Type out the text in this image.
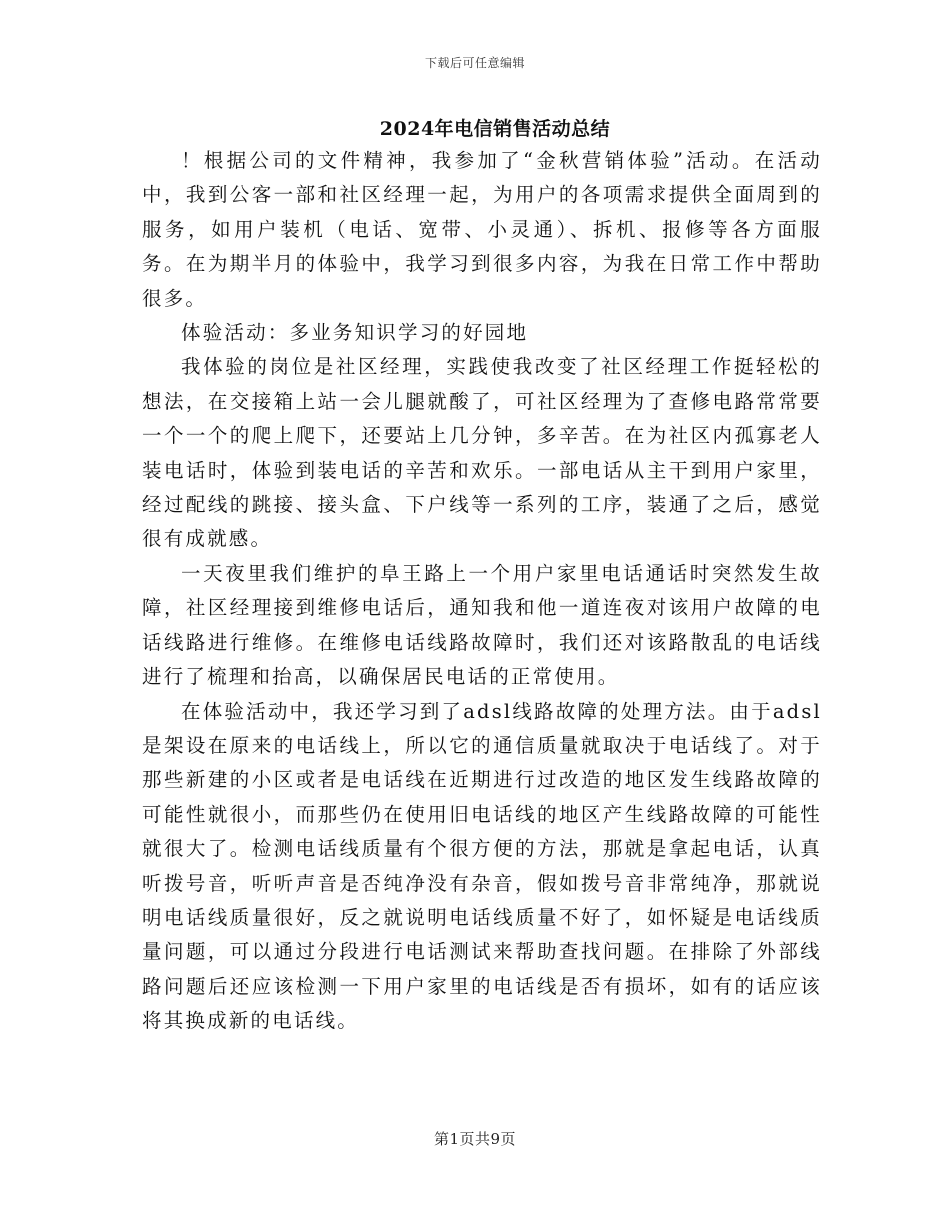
下载后可任意编辑
2024年电信销售活动总结

！根据公司的文件精神，我参加了“金秋营销体验”活动。在活动中，我到公客一部和社区经理一起，为用户的各项需求提供全面周到的服务，如用户装机（电话、宽带、小灵通）、拆机、报修等各方面服务。在为期半月的体验中，我学习到很多内容，为我在日常工作中帮助很多。

体验活动：多业务知识学习的好园地

我体验的岗位是社区经理，实践使我改变了社区经理工作挺轻松的想法，在交接箱上站一会儿腿就酸了，可社区经理为了查修电路常常要一个一个的爬上爬下，还要站上几分钟，多辛苦。在为社区内孤寡老人装电话时，体验到装电话的辛苦和欢乐。一部电话从主干到用户家里，经过配线的跳接、接头盒、下户线等一系列的工序，装通了之后，感觉很有成就感。

一天夜里我们维护的阜王路上一个用户家里电话通话时突然发生故障，社区经理接到维修电话后，通知我和他一道连夜对该用户故障的电话线路进行维修。在维修电话线路故障时，我们还对该路散乱的电话线进行了梳理和抬高，以确保居民电话的正常使用。

在体验活动中，我还学习到了adsl线路故障的处理方法。由于adsl是架设在原来的电话线上，所以它的通信质量就取决于电话线了。对于那些新建的小区或者是电话线在近期进行过改造的地区发生线路故障的可能性就很小，而那些仍在使用旧电话线的地区产生线路故障的可能性就很大了。检测电话线质量有个很方便的方法，那就是拿起电话，认真听拨号音，听听声音是否纯净没有杂音，假如拨号音非常纯净，那就说明电话线质量很好，反之就说明电话线质量不好了，如怀疑是电话线质量问题，可以通过分段进行电话测试来帮助查找问题。在排除了外部线路问题后还应该检测一下用户家里的电话线是否有损坏，如有的话应该将其换成新的电话线。

第1页共9页
